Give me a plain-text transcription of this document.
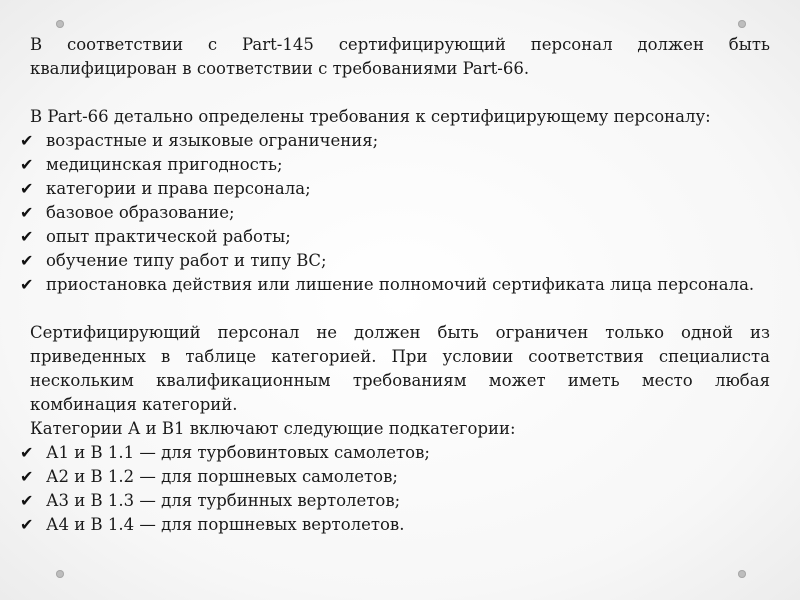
В соответствии с Part-145 сертифицирующий персонал должен быть квалифицирован в соответствии с требованиями Part-66.

В Part-66 детально определены требования к сертифицирующему персоналу:

✔ возрастные и языковые ограничения;
✔ медицинская пригодность;
✔ категории и права персонала;
✔ базовое образование;
✔ опыт практической работы;
✔ обучение типу работ и типу ВС;
✔ приостановка действия или лишение полномочий сертификата лица персонала.

Сертифицирующий персонал не должен быть ограничен только одной из приведенных в таблице категорией. При условии соответствия специалиста нескольким квалификационным требованиям может иметь место любая комбинация категорий.

Категории А и В1 включают следующие подкатегории:

✔ А1 и В 1.1 — для турбовинтовых самолетов;
✔ А2 и В 1.2 — для поршневых самолетов;
✔ А3 и В 1.3 — для турбинных вертолетов;
✔ А4 и В 1.4 — для поршневых вертолетов.
